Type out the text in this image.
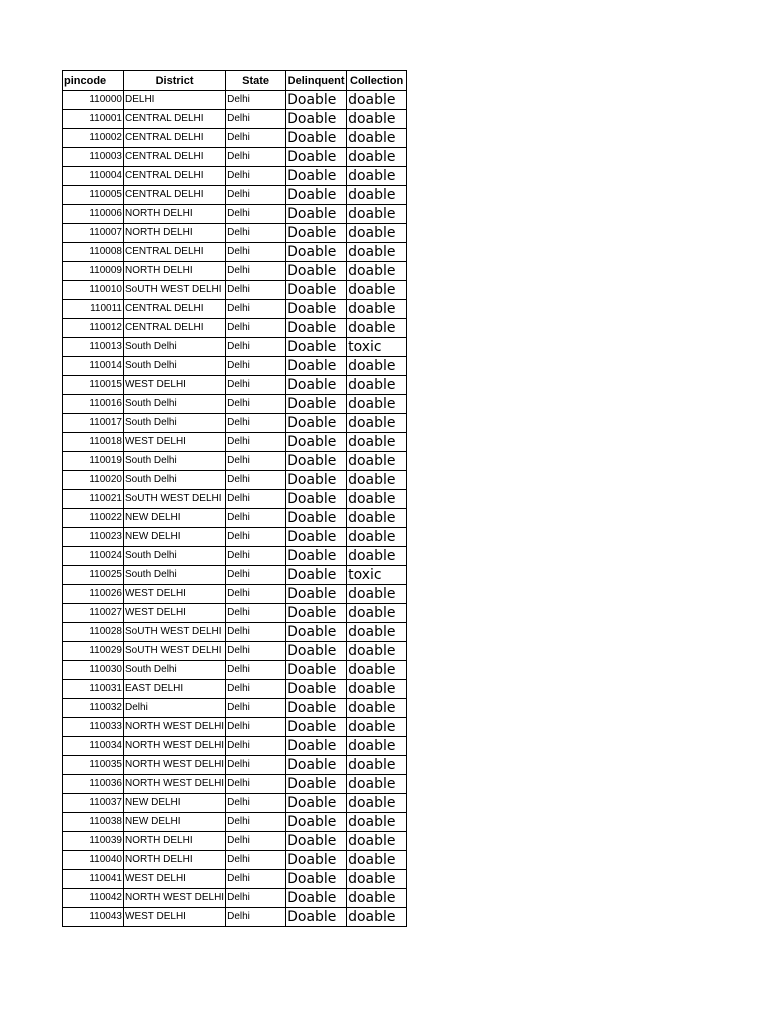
pincode	District	State	Delinquent	Collection
110000	DELHI	Delhi	Doable	doable
110001	CENTRAL DELHI	Delhi	Doable	doable
110002	CENTRAL DELHI	Delhi	Doable	doable
110003	CENTRAL DELHI	Delhi	Doable	doable
110004	CENTRAL DELHI	Delhi	Doable	doable
110005	CENTRAL DELHI	Delhi	Doable	doable
110006	NORTH DELHI	Delhi	Doable	doable
110007	NORTH DELHI	Delhi	Doable	doable
110008	CENTRAL DELHI	Delhi	Doable	doable
110009	NORTH DELHI	Delhi	Doable	doable
110010	SoUTH WEST DELHI	Delhi	Doable	doable
110011	CENTRAL DELHI	Delhi	Doable	doable
110012	CENTRAL DELHI	Delhi	Doable	doable
110013	South Delhi	Delhi	Doable	toxic
110014	South Delhi	Delhi	Doable	doable
110015	WEST DELHI	Delhi	Doable	doable
110016	South Delhi	Delhi	Doable	doable
110017	South Delhi	Delhi	Doable	doable
110018	WEST DELHI	Delhi	Doable	doable
110019	South Delhi	Delhi	Doable	doable
110020	South Delhi	Delhi	Doable	doable
110021	SoUTH WEST DELHI	Delhi	Doable	doable
110022	NEW DELHI	Delhi	Doable	doable
110023	NEW DELHI	Delhi	Doable	doable
110024	South Delhi	Delhi	Doable	doable
110025	South Delhi	Delhi	Doable	toxic
110026	WEST DELHI	Delhi	Doable	doable
110027	WEST DELHI	Delhi	Doable	doable
110028	SoUTH WEST DELHI	Delhi	Doable	doable
110029	SoUTH WEST DELHI	Delhi	Doable	doable
110030	South Delhi	Delhi	Doable	doable
110031	EAST DELHI	Delhi	Doable	doable
110032	Delhi	Delhi	Doable	doable
110033	NORTH WEST DELHI	Delhi	Doable	doable
110034	NORTH WEST DELHI	Delhi	Doable	doable
110035	NORTH WEST DELHI	Delhi	Doable	doable
110036	NORTH WEST DELHI	Delhi	Doable	doable
110037	NEW DELHI	Delhi	Doable	doable
110038	NEW DELHI	Delhi	Doable	doable
110039	NORTH DELHI	Delhi	Doable	doable
110040	NORTH DELHI	Delhi	Doable	doable
110041	WEST DELHI	Delhi	Doable	doable
110042	NORTH WEST DELHI	Delhi	Doable	doable
110043	WEST DELHI	Delhi	Doable	doable
